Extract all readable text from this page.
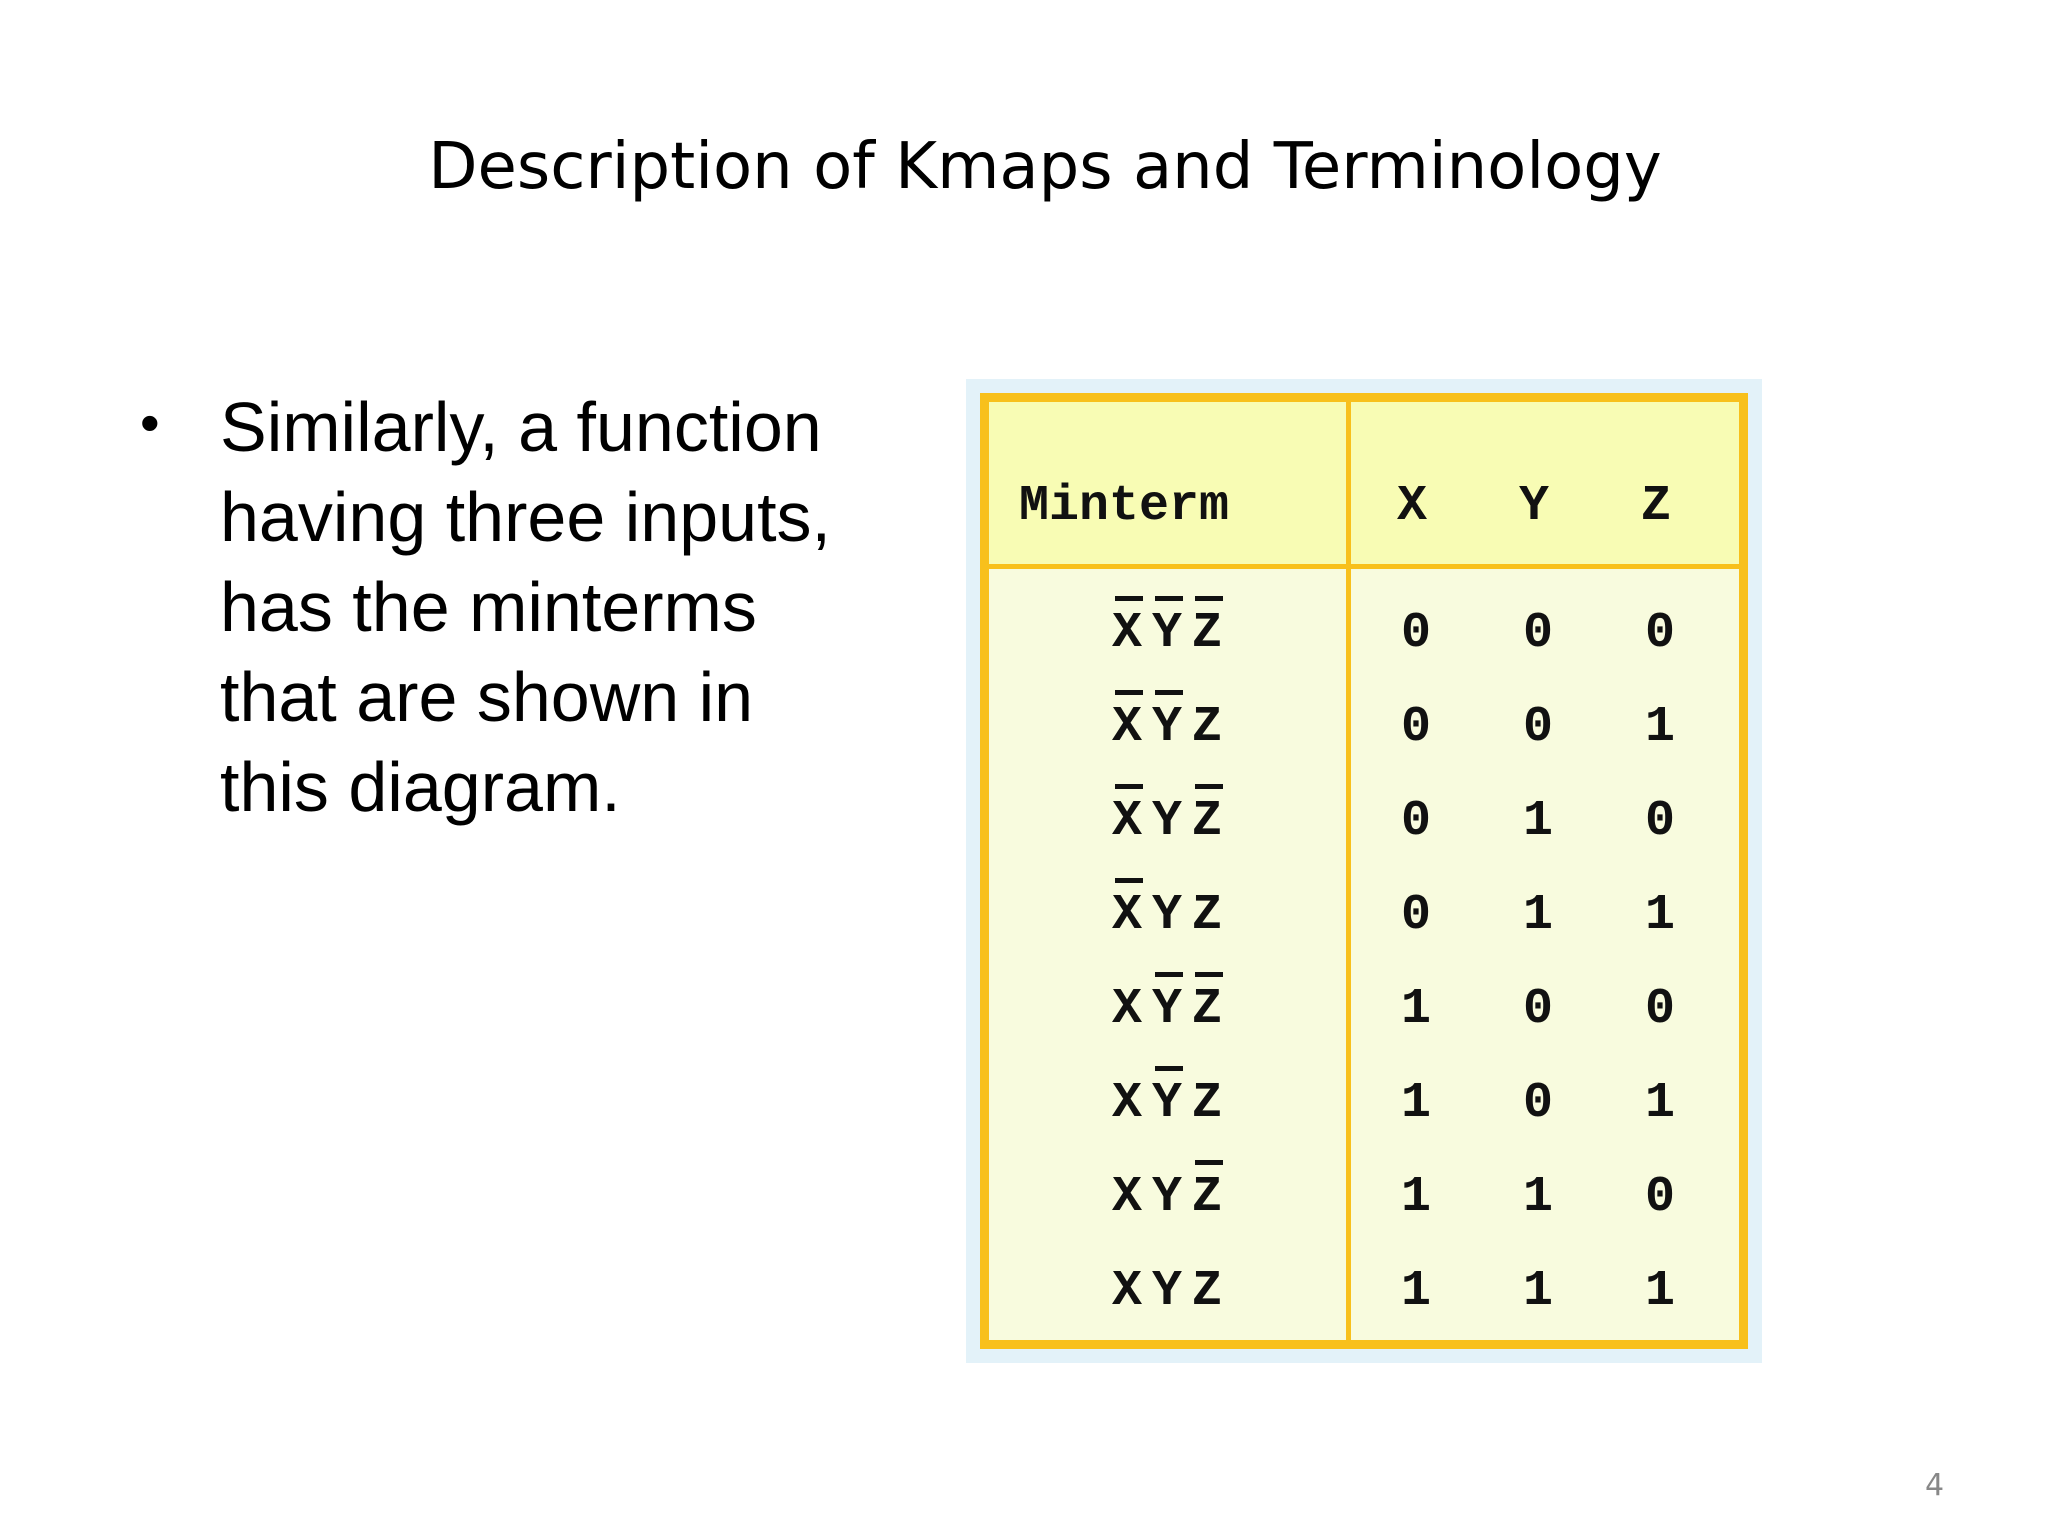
Description of Kmaps and Terminology
• Similarly, a function
having three inputs,
has the minterms
that are shown in
this diagram.
Minterm	X Y Z
X Y Z	0 0 0
X Y Z	0 0 1
X Y Z	0 1 0
X Y Z	0 1 1
X Y Z	1 0 0
X Y Z	1 0 1
X Y Z	1 1 0
X Y Z	1 1 1
4
